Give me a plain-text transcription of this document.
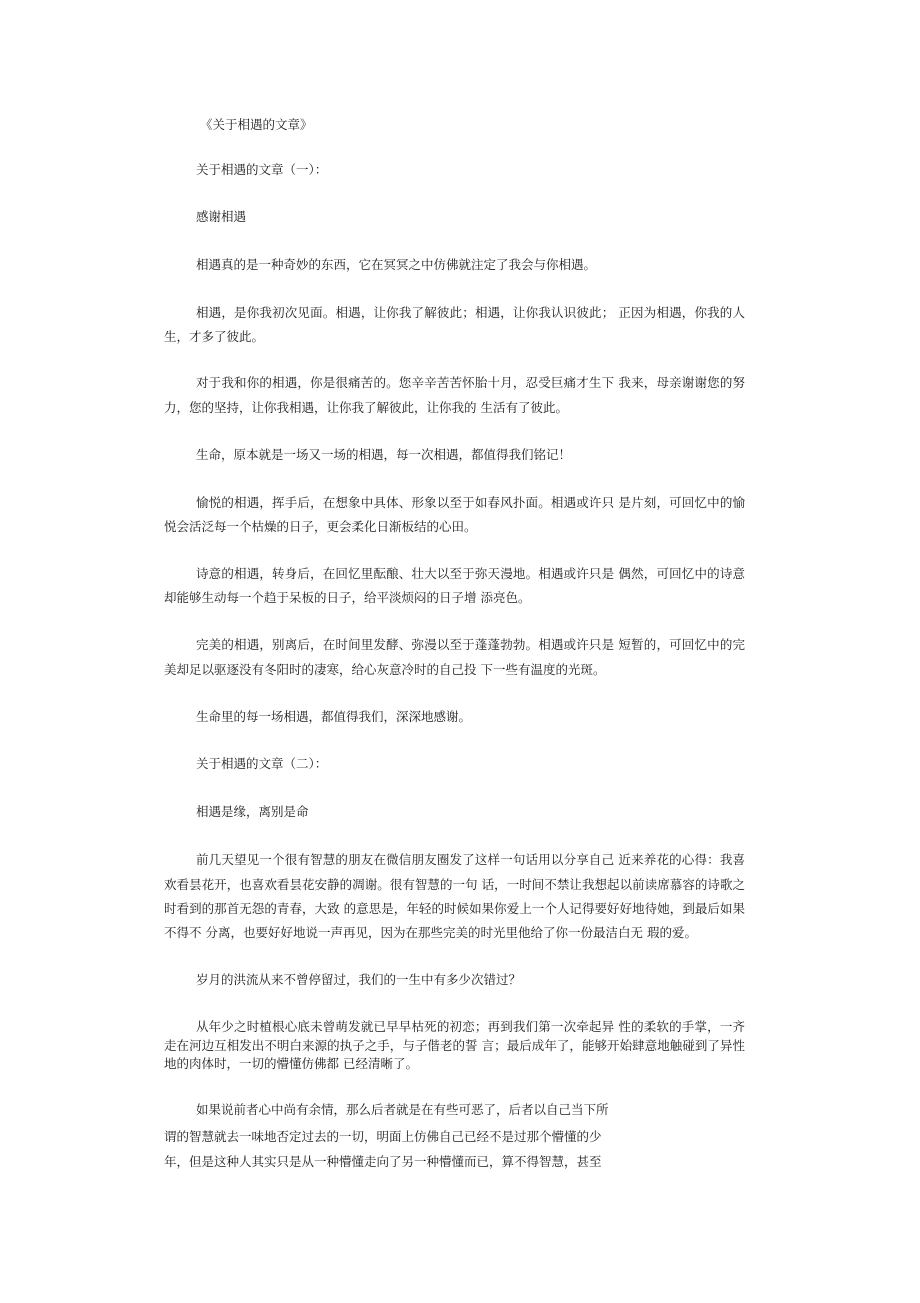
《关于相遇的文章》
关于相遇的文章（一）：
感谢相遇
相遇真的是一种奇妙的东西，它在冥冥之中仿佛就注定了我会与你相遇。
相遇，是你我初次见面。相遇，让你我了解彼此；相遇，让你我认识彼此； 正因为相遇，你我的人
生，才多了彼此。
对于我和你的相遇，你是很痛苦的。您辛辛苦苦怀胎十月，忍受巨痛才生下 我来，母亲谢谢您的努
力，您的坚持，让你我相遇，让你我了解彼此，让你我的 生活有了彼此。
生命，原本就是一场又一场的相遇，每一次相遇，都值得我们铭记！
愉悦的相遇，挥手后，在想象中具体、形象以至于如春风扑面。相遇或许只 是片刻，可回忆中的愉
悦会活泛每一个枯燥的日子，更会柔化日渐板结的心田。
诗意的相遇，转身后，在回忆里酝酿、壮大以至于弥天漫地。相遇或许只是 偶然，可回忆中的诗意
却能够生动每一个趋于呆板的日子，给平淡烦闷的日子增 添亮色。
完美的相遇，别离后，在时间里发酵、弥漫以至于蓬蓬勃勃。相遇或许只是 短暂的，可回忆中的完
美却足以驱逐没有冬阳时的凄寒，给心灰意冷时的自己投 下一些有温度的光斑。
生命里的每一场相遇，都值得我们，深深地感谢。
关于相遇的文章（二）：
相遇是缘，离别是命
前几天望见一个很有智慧的朋友在微信朋友圈发了这样一句话用以分享自己 近来养花的心得：我喜
欢看昙花开，也喜欢看昙花安静的凋谢。很有智慧的一句 话，一时间不禁让我想起以前读席慕容的诗歌之
时看到的那首无怨的青春，大致 的意思是，年轻的时候如果你爱上一个人记得要好好地待她，到最后如果
不得不 分离，也要好好地说一声再见，因为在那些完美的时光里他给了你一份最洁白无 瑕的爱。
岁月的洪流从来不曾停留过，我们的一生中有多少次错过？
从年少之时植根心底未曾萌发就已早早枯死的初恋；再到我们第一次牵起异 性的柔软的手掌，一齐
走在河边互相发出不明白来源的执子之手，与子偕老的誓 言；最后成年了，能够开始肆意地触碰到了异性
地的肉体时，一切的懵懂仿佛都 已经清晰了。
如果说前者心中尚有余情，那么后者就是在有些可恶了，后者以自己当下所
谓的智慧就去一味地否定过去的一切，明面上仿佛自己已经不是过那个懵懂的少
年，但是这种人其实只是从一种懵懂走向了另一种懵懂而已，算不得智慧，甚至
